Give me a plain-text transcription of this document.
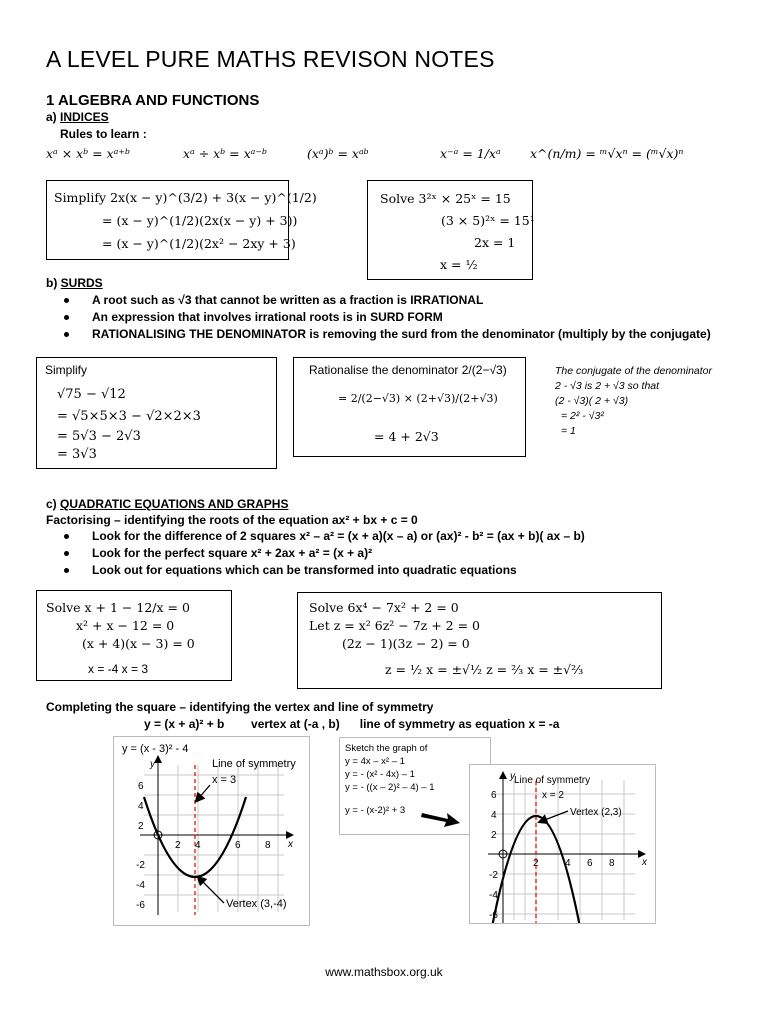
A LEVEL PURE MATHS REVISON NOTES
1 ALGEBRA AND FUNCTIONS
a) INDICES
Rules to learn :
xᵃ × xᵇ = xᵃ⁺ᵇ	xᵃ ÷ xᵇ = xᵃ⁻ᵇ	(xᵃ)ᵇ = xᵃᵇ	x⁻ᵃ = 1/xᵃ x^(n/m) = ᵐ√xⁿ = (ᵐ√x)ⁿ
Simplify 2x(x − y)^(3/2) + 3(x − y)^(1/2)
= (x − y)^(1/2)(2x(x − y) + 3))
= (x − y)^(1/2)(2x² − 2xy + 3)
Solve 3²ˣ × 25ˣ = 15
(3 × 5)²ˣ = 15¹
2x = 1
x = ½
b) SURDS
A root such as √3 that cannot be written as a fraction is IRRATIONAL
An expression that involves irrational roots is in SURD FORM
RATIONALISING THE DENOMINATOR is removing the surd from the denominator (multiply by the conjugate)
Simplify
√75 − √12
= √5×5×3 − √2×2×3
= 5√3 − 2√3
= 3√3
Rationalise the denominator 2/(2−√3)
= 2/(2−√3) × (2+√3)/(2+√3)
= 4 + 2√3
The conjugate of the denominator
2 - √3 is 2 + √3 so that
(2 - √3)( 2 + √3)
= 2² - √3²
= 1
c) QUADRATIC EQUATIONS AND GRAPHS
Factorising – identifying the roots of the equation ax² + bx + c = 0
Look for the difference of 2 squares x² – a² = (x + a)(x – a) or (ax)² - b² = (ax + b)( ax – b)
Look for the perfect square x² + 2ax + a² = (x + a)²
Look out for equations which can be transformed into quadratic equations
Solve x + 1 − 12/x = 0
x² + x − 12 = 0
(x + 4)(x − 3) = 0
x = -4 x = 3
Solve 6x⁴ − 7x² + 2 = 0
Let z = x² 6z² − 7z + 2 = 0
(2z − 1)(3z − 2) = 0
z = ½ x = ±√½ z = ⅔ x = ±√⅔
Completing the square – identifying the vertex and line of symmetry
y = (x + a)² + b        vertex at (-a , b)      line of symmetry as equation x = -a
y = (x - 3)² - 4
y
x
2 4	6 8
6
4
2
-2
-4
-6
Line of symmetry
x = 3
Vertex (3,-4)
Sketch the graph of
y = 4x – x² – 1
y = - (x² - 4x) – 1
y = - ((x – 2)² – 4) – 1
y = - (x-2)² + 3
y
x
2	4 6 8
6
4
2
-2
-4
-6
Line of symmetry
x = 2
Vertex (2,3)
www.mathsbox.org.uk
